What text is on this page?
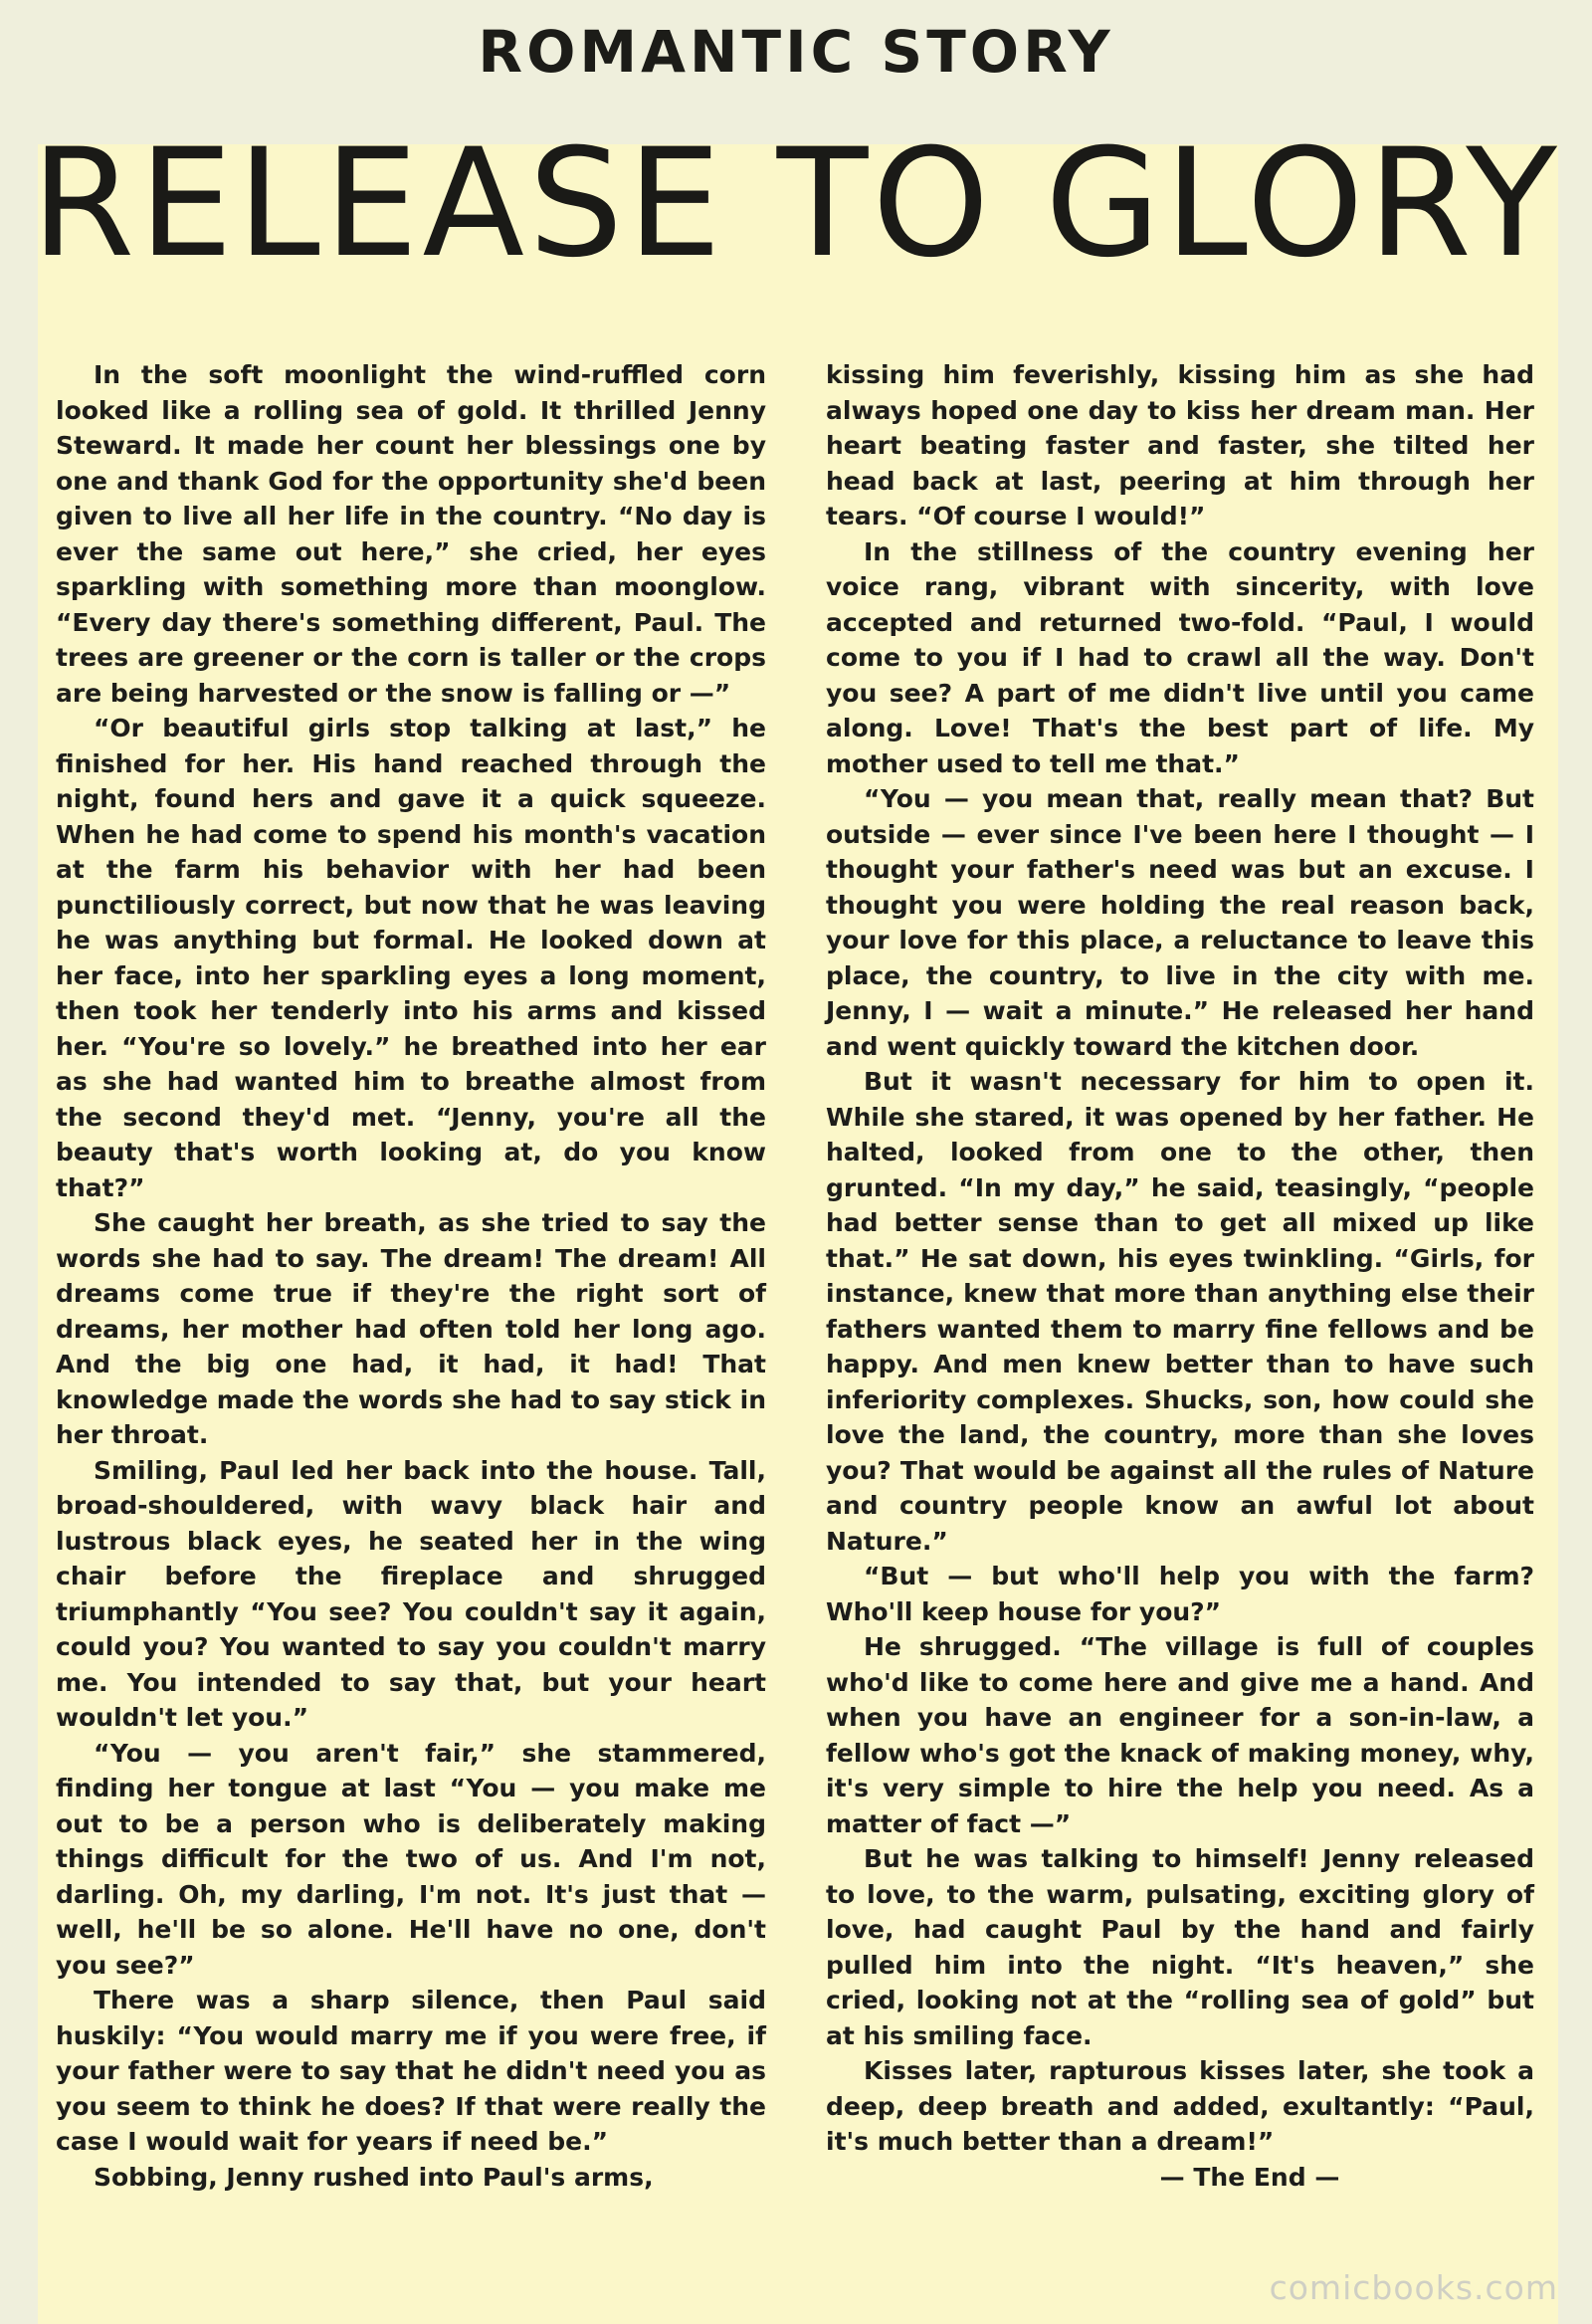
ROMANTIC STORY
RELEASE TO GLORY

In the soft moonlight the wind-ruffled corn looked like a rolling sea of gold. It thrilled Jenny Steward. It made her count her blessings one by one and thank God for the opportunity she'd been given to live all her life in the country. “No day is ever the same out here,” she cried, her eyes sparkling with something more than moonglow. “Every day there's something different, Paul. The trees are greener or the corn is taller or the crops are being harvested or the snow is falling or —”

“Or beautiful girls stop talking at last,” he finished for her. His hand reached through the night, found hers and gave it a quick squeeze. When he had come to spend his month's vacation at the farm his behavior with her had been punctiliously correct, but now that he was leaving he was anything but formal. He looked down at her face, into her sparkling eyes a long moment, then took her tenderly into his arms and kissed her. “You're so lovely.” he breathed into her ear as she had wanted him to breathe almost from the second they'd met. “Jenny, you're all the beauty that's worth looking at, do you know that?”

She caught her breath, as she tried to say the words she had to say. The dream! The dream! All dreams come true if they're the right sort of dreams, her mother had often told her long ago. And the big one had, it had, it had! That knowledge made the words she had to say stick in her throat.

Smiling, Paul led her back into the house. Tall, broad-shouldered, with wavy black hair and lustrous black eyes, he seated her in the wing chair before the fireplace and shrugged triumphantly “You see? You couldn't say it again, could you? You wanted to say you couldn't marry me. You intended to say that, but your heart wouldn't let you.”

“You — you aren't fair,” she stammered, finding her tongue at last “You — you make me out to be a person who is deliberately making things difficult for the two of us. And I'm not, darling. Oh, my darling, I'm not. It's just that — well, he'll be so alone. He'll have no one, don't you see?”

There was a sharp silence, then Paul said huskily: “You would marry me if you were free, if your father were to say that he didn't need you as you seem to think he does? If that were really the case I would wait for years if need be.”

Sobbing, Jenny rushed into Paul's arms,

kissing him feverishly, kissing him as she had always hoped one day to kiss her dream man. Her heart beating faster and faster, she tilted her head back at last, peering at him through her tears. “Of course I would!”

In the stillness of the country evening her voice rang, vibrant with sincerity, with love accepted and returned two-fold. “Paul, I would come to you if I had to crawl all the way. Don't you see? A part of me didn't live until you came along. Love! That's the best part of life. My mother used to tell me that.”

“You — you mean that, really mean that? But outside — ever since I've been here I thought — I thought your father's need was but an excuse. I thought you were holding the real reason back, your love for this place, a reluctance to leave this place, the country, to live in the city with me. Jenny, I — wait a minute.” He released her hand and went quickly toward the kitchen door.

But it wasn't necessary for him to open it. While she stared, it was opened by her father. He halted, looked from one to the other, then grunted. “In my day,” he said, teasingly, “people had better sense than to get all mixed up like that.” He sat down, his eyes twinkling. “Girls, for instance, knew that more than anything else their fathers wanted them to marry fine fellows and be happy. And men knew better than to have such inferiority complexes. Shucks, son, how could she love the land, the country, more than she loves you? That would be against all the rules of Nature and country people know an awful lot about Nature.”

“But — but who'll help you with the farm? Who'll keep house for you?”

He shrugged. “The village is full of couples who'd like to come here and give me a hand. And when you have an engineer for a son-in-law, a fellow who's got the knack of making money, why, it's very simple to hire the help you need. As a matter of fact —”

But he was talking to himself! Jenny released to love, to the warm, pulsating, exciting glory of love, had caught Paul by the hand and fairly pulled him into the night. “It's heaven,” she cried, looking not at the “rolling sea of gold” but at his smiling face.

Kisses later, rapturous kisses later, she took a deep, deep breath and added, exultantly: “Paul, it's much better than a dream!”

— The End —

comicbooks.com
